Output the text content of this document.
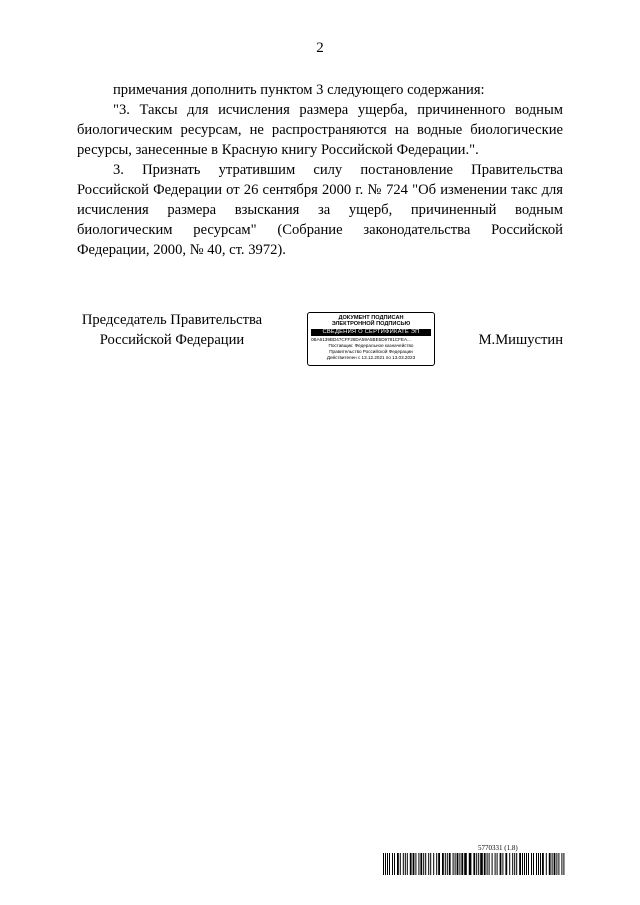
2

примечания дополнить пунктом 3 следующего содержания:

"3. Таксы для исчисления размера ущерба, причиненного водным биологическим ресурсам, не распространяются на водные биологические ресурсы, занесенные в Красную книгу Российской Федерации.".

3. Признать утратившим силу постановление Правительства Российской Федерации от 26 сентября 2000 г. № 724 "Об изменении такс для исчисления размера взыскания за ущерб, причиненный водным биологическим ресурсам" (Собрание законодательства Российской Федерации, 2000, № 40, ст. 3972).

Председатель Правительства
Российской Федерации
ДОКУМЕНТ ПОДПИСАН
ЭЛЕКТРОННОЙ ПОДПИСЬЮ
СВЕДЕНИЯ О СЕРТИФИКАТЕ ЭП
0BA6139BD47CFF28DA59A5BE5D9781CFEA...
Поставщик: Федеральное казначейство
Правительство Российской Федерации
Действителен с 13.12.2021 по 13.03.2023
М.Мишустин
5770331 (1.8)
